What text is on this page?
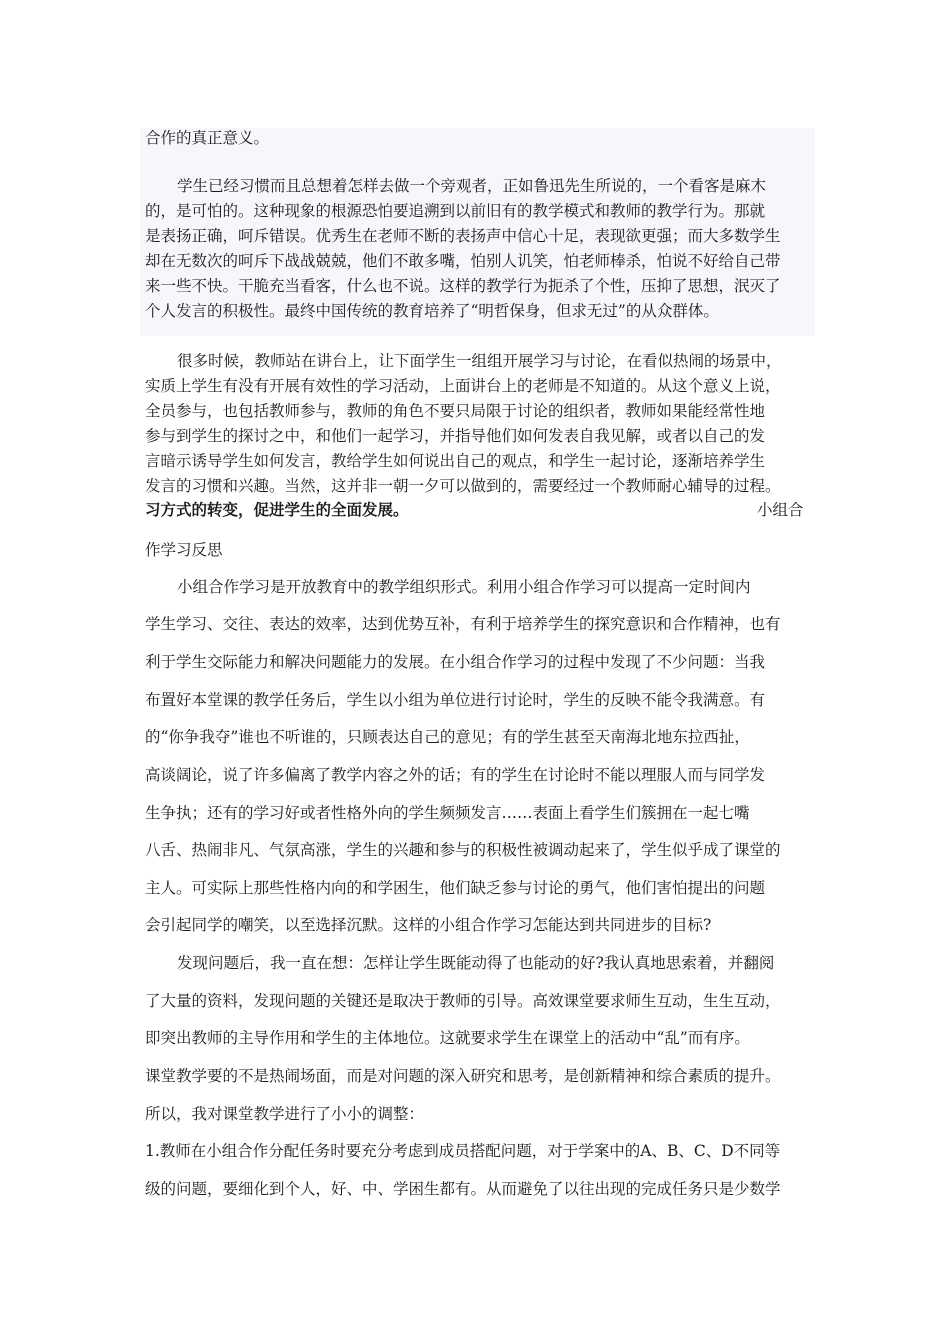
合作的真正意义。
学生已经习惯而且总想着怎样去做一个旁观者，正如鲁迅先生所说的，一个看客是麻木
的，是可怕的。这种现象的根源恐怕要追溯到以前旧有的教学模式和教师的教学行为。那就
是表扬正确，呵斥错误。优秀生在老师不断的表扬声中信心十足，表现欲更强；而大多数学生
却在无数次的呵斥下战战兢兢，他们不敢多嘴，怕别人讥笑，怕老师棒杀，怕说不好给自己带
来一些不快。干脆充当看客，什么也不说。这样的教学行为扼杀了个性，压抑了思想，泯灭了
个人发言的积极性。最终中国传统的教育培养了“明哲保身，但求无过”的从众群体。
很多时候，教师站在讲台上，让下面学生一组组开展学习与讨论，在看似热闹的场景中，
实质上学生有没有开展有效性的学习活动，上面讲台上的老师是不知道的。从这个意义上说，
全员参与，也包括教师参与，教师的角色不要只局限于讨论的组织者，教师如果能经常性地
参与到学生的探讨之中，和他们一起学习，并指导他们如何发表自我见解，或者以自己的发
言暗示诱导学生如何发言，教给学生如何说出自己的观点，和学生一起讨论，逐渐培养学生
发言的习惯和兴趣。当然，这并非一朝一夕可以做到的，需要经过一个教师耐心辅导的过程。
习方式的转变，促进学生的全面发展。	小组合
作学习反思
小组合作学习是开放教育中的教学组织形式。利用小组合作学习可以提高一定时间内
学生学习、交往、表达的效率，达到优势互补，有利于培养学生的探究意识和合作精神，也有
利于学生交际能力和解决问题能力的发展。在小组合作学习的过程中发现了不少问题：当我
布置好本堂课的教学任务后，学生以小组为单位进行讨论时，学生的反映不能令我满意。有
的“你争我夺”谁也不听谁的，只顾表达自己的意见；有的学生甚至天南海北地东拉西扯，
高谈阔论，说了许多偏离了教学内容之外的话；有的学生在讨论时不能以理服人而与同学发
生争执；还有的学习好或者性格外向的学生频频发言……表面上看学生们簇拥在一起七嘴
八舌、热闹非凡、气氛高涨，学生的兴趣和参与的积极性被调动起来了，学生似乎成了课堂的
主人。可实际上那些性格内向的和学困生，他们缺乏参与讨论的勇气，他们害怕提出的问题
会引起同学的嘲笑，以至选择沉默。这样的小组合作学习怎能达到共同进步的目标?
发现问题后，我一直在想：怎样让学生既能动得了也能动的好?我认真地思索着，并翻阅
了大量的资料，发现问题的关键还是取决于教师的引导。高效课堂要求师生互动，生生互动，
即突出教师的主导作用和学生的主体地位。这就要求学生在课堂上的活动中“乱”而有序。
课堂教学要的不是热闹场面，而是对问题的深入研究和思考，是创新精神和综合素质的提升。
所以，我对课堂教学进行了小小的调整：
1.教师在小组合作分配任务时要充分考虑到成员搭配问题，对于学案中的A、B、C、D不同等
级的问题，要细化到个人，好、中、学困生都有。从而避免了以往出现的完成任务只是少数学
